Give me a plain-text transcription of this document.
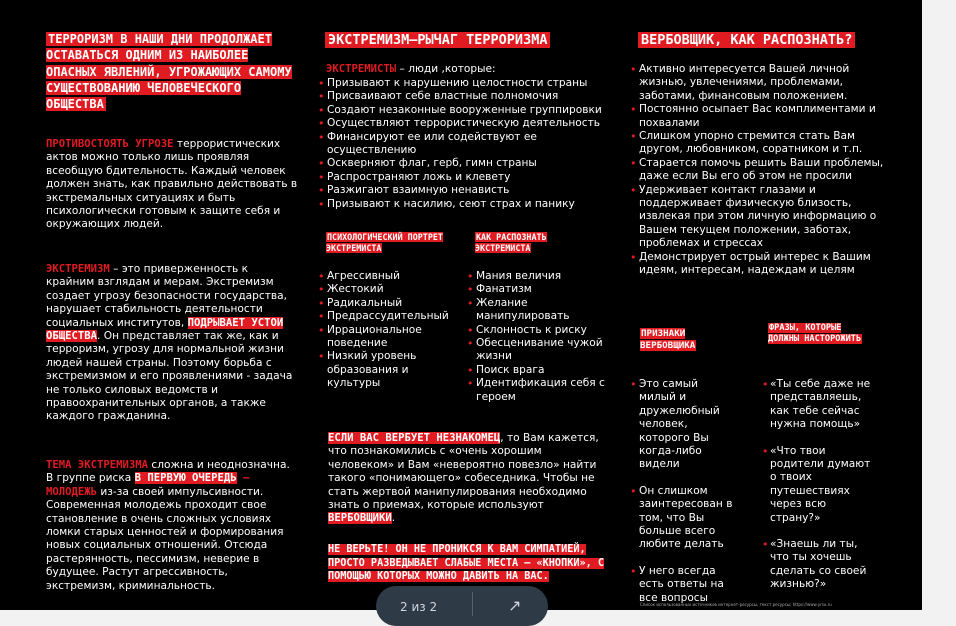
ТЕРРОРИЗМ В НАШИ ДНИ ПРОДОЛЖАЕТ ОСТАВАТЬСЯ ОДНИМ ИЗ НАИБОЛЕЕ ОПАСНЫХ ЯВЛЕНИЙ, УГРОЖАЮЩИХ САМОМУ СУЩЕСТВОВАНИЮ ЧЕЛОВЕЧЕСКОГО ОБЩЕСТВА
ПРОТИВОСТОЯТЬ УГРОЗЕ террористических актов можно только лишь проявляя всеобщую бдительность. Каждый человек должен знать, как правильно действовать в экстремальных ситуациях и быть психологически готовым к защите себя и окружающих людей.
ЭКСТРЕМИЗМ – это приверженность к крайним взглядам и мерам. Экстремизм создает угрозу безопасности государства, нарушает стабильность деятельности социальных институтов, ПОДРЫВАЕТ УСТОИ ОБЩЕСТВА. Он представляет так же, как и терроризм, угрозу для нормальной жизни людей нашей страны. Поэтому борьба с экстремизмом и его проявлениями - задача не только силовых ведомств и правоохранительных органов, а также каждого гражданина.
ТЕМА ЭКСТРЕМИЗМА сложна и неоднозначна. В группе риска В ПЕРВУЮ ОЧЕРЕДЬ – МОЛОДЕЖЬ из-за своей импульсивности. Современная молодежь проходит свое становление в очень сложных условиях ломки старых ценностей и формирования новых социальных отношений. Отсюда растерянность, пессимизм, неверие в будущее. Растут агрессивность, экстремизм, криминальность.
ЭКСТРЕМИЗМ–РЫЧАГ ТЕРРОРИЗМА
ЭКСТРЕМИСТЫ – люди ,которые:
• Призывают к нарушению целостности страны
• Присваивают себе властные полномочия
• Создают незаконные вооруженные группировки
• Осуществляют террористическую деятельность
• Финансируют ее или содействуют ее осуществлению
• Оскверняют флаг, герб, гимн страны
• Распространяют ложь и клевету
• Разжигают взаимную ненависть
• Призывают к насилию, сеют страх и панику
ПСИХОЛОГИЧЕСКИЙ ПОРТРЕТ ЭКСТРЕМИСТА
КАК РАСПОЗНАТЬ ЭКСТРЕМИСТА
• Агрессивный
• Жестокий
• Радикальный
• Предрасcудительный
• Иррациональное поведение
• Низкий уровень образования и культуры
• Мания величия
• Фанатизм
• Желание манипулировать
• Склонность к риску
• Обесценивание чужой жизни
• Поиск врага
• Идентификация себя с героем
ЕСЛИ ВАС ВЕРБУЕТ НЕЗНАКОМЕЦ, то Вам кажется, что познакомились с «очень хорошим человеком» и Вам «невероятно повезло» найти такого «понимающего» собеседника. Чтобы не стать жертвой манипулирования необходимо знать о приемах, которые используют ВЕРБОВЩИКИ.
НЕ ВЕРЬТЕ! ОН НЕ ПРОНИКСЯ К ВАМ СИМПАТИЕЙ, ПРОСТО РАЗВЕДЫВАЕТ СЛАБЫЕ МЕСТА – «КНОПКИ», С ПОМОЩЬЮ КОТОРЫХ МОЖНО ДАВИТЬ НА ВАС.
ВЕРБОВЩИК, КАК РАСПОЗНАТЬ?
• Активно интересуется Вашей личной жизнью, увлечениями, проблемами, заботами, финансовым положением.
• Постоянно осыпает Вас комплиментами и похвалами
• Слишком упорно стремится стать Вам другом, любовником, соратником и т.п.
• Старается помочь решить Ваши проблемы, даже если Вы его об этом не просили
• Удерживает контакт глазами и поддерживает физическую близость, извлекая при этом личную информацию о Вашем текущем положении, заботах, проблемах и стрессах
• Демонстрирует острый интерес к Вашим идеям, интересам, надеждам и целям
ПРИЗНАКИ ВЕРБОВЩИКА
ФРАЗЫ, КОТОРЫЕ ДОЛЖНЫ НАСТОРОЖИТЬ
• Это самый милый и дружелюбный человек, которого Вы когда-либо видели
• Он слишком заинтересован в том, что Вы больше всего любите делать
• У него всегда есть ответы на все вопросы
• «Ты себе даже не представляешь, как тебе сейчас нужна помощь»
• «Что твои родители думают о твоих путешествиях через всю страну?»
• «Знаешь ли ты, что ты хочешь сделать со своей жизнью?»
Список использованных источников интернет-ресурсы, текст ресурсы: https://www.yrsu.ru
2 из 2	↗
